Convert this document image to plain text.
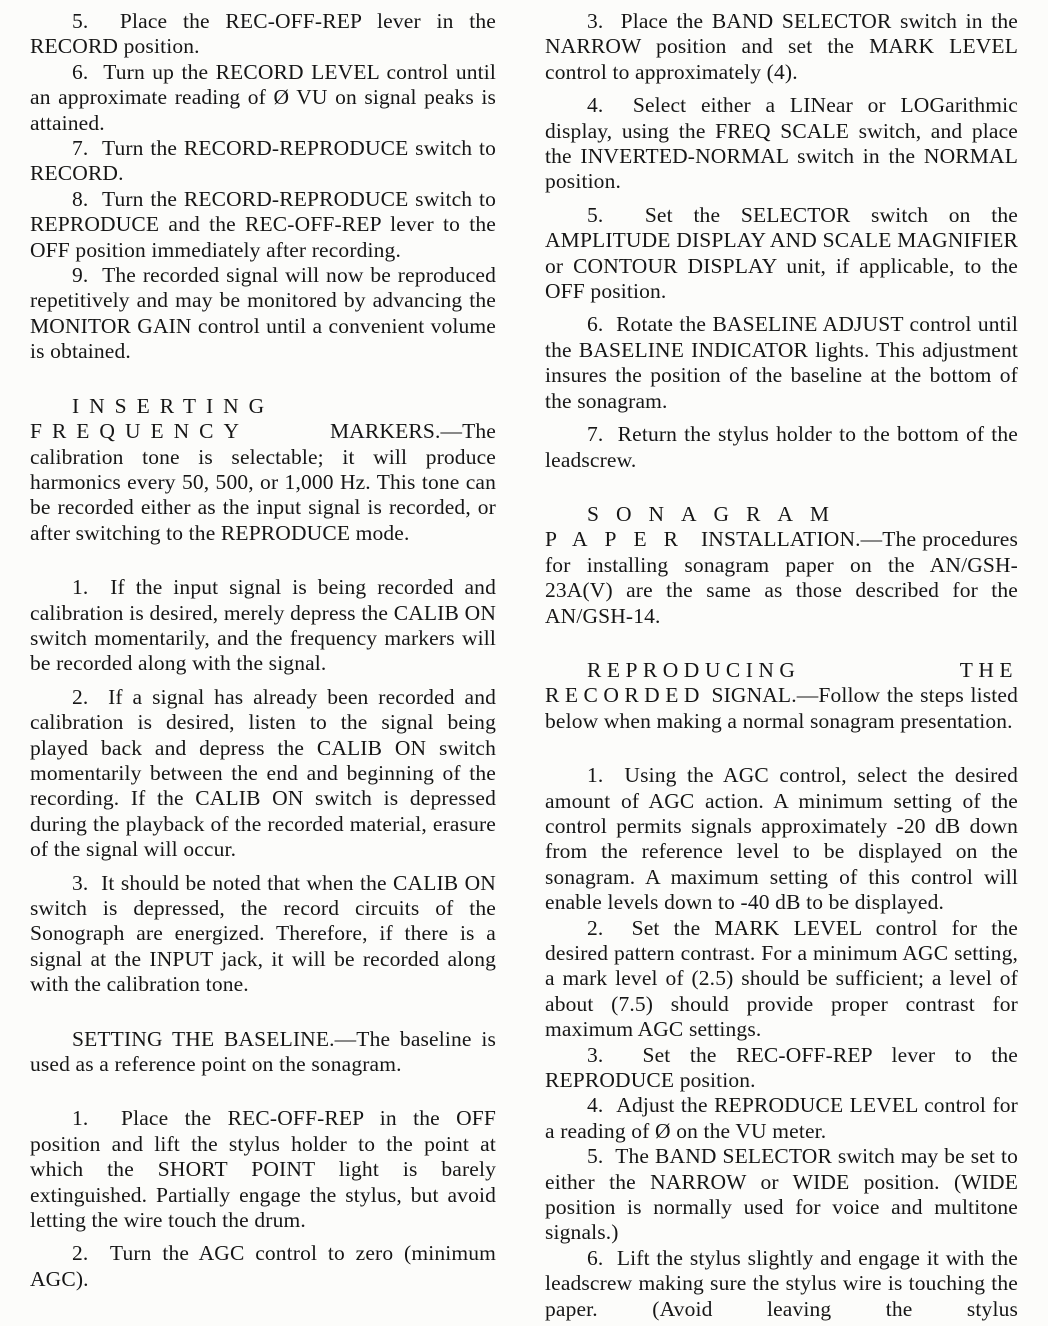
5.  Place the REC-OFF-REP lever in the RECORD position.

6.  Turn up the RECORD LEVEL control until an approximate reading of Ø VU on signal peaks is attained.

7.  Turn the RECORD-REPRODUCE switch to RECORD.

8.  Turn the RECORD-REPRODUCE switch to REPRODUCE and the REC-OFF-REP lever to the OFF position immediately after recording.

9.  The recorded signal will now be reproduced repetitively and may be monitored by advancing the MONITOR GAIN control until a convenient volume is obtained.

INSERTING FREQUENCY	MARKERS.—The calibration tone is selectable; it will produce harmonics every 50, 500, or 1,000 Hz. This tone can be recorded either as the input signal is recorded, or after switching to the REPRODUCE mode.

1.  If the input signal is being recorded and calibration is desired, merely depress the CALIB ON switch momentarily, and the frequency markers will be recorded along with the signal.

2.  If a signal has already been recorded and calibration is desired, listen to the signal being played back and depress the CALIB ON switch momentarily between the end and beginning of the recording. If the CALIB ON switch is depressed during the playback of the recorded material, erasure of the signal will occur.

3.  It should be noted that when the CALIB ON switch is depressed, the record circuits of the Sonograph are energized. Therefore, if there is a signal at the INPUT jack, it will be recorded along with the calibration tone.

SETTING THE BASELINE.—The baseline is used as a reference point on the sonagram.

1.  Place the REC-OFF-REP in the OFF position and lift the stylus holder to the point at which the SHORT POINT light is barely extinguished. Partially engage the stylus, but avoid letting the wire touch the drum.

2.  Turn the AGC control to zero (minimum AGC).

3.  Place the BAND SELECTOR switch in the NARROW position and set the MARK LEVEL control to approximately (4).

4.  Select either a LINear or LOGarithmic display, using the FREQ SCALE switch, and place the INVERTED-NORMAL switch in the NORMAL position.

5.  Set the SELECTOR switch on the AMPLITUDE DISPLAY AND SCALE MAGNIFIER or CONTOUR DISPLAY unit, if applicable, to the OFF position.

6.  Rotate the BASELINE ADJUST control until the BASELINE INDICATOR lights. This adjustment insures the position of the baseline at the bottom of the sonagram.

7.  Return the stylus holder to the bottom of the leadscrew.

SONAGRAM PAPER INSTALLATION.—The procedures for installing sonagram paper on the AN/GSH-23A(V) are the same as those described for the AN/GSH-14.

REPRODUCING THE RECORDED SIGNAL.—Follow the steps listed below when making a normal sonagram presentation.

1.  Using the AGC control, select the desired amount of AGC action. A minimum setting of the control permits signals approximately -20 dB down from the reference level to be displayed on the sonagram. A maximum setting of this control will enable levels down to -40 dB to be displayed.

2.  Set the MARK LEVEL control for the desired pattern contrast. For a minimum AGC setting, a mark level of (2.5) should be sufficient; a level of about (7.5) should provide proper contrast for maximum AGC settings.

3.  Set the REC-OFF-REP lever to the REPRODUCE position.

4.  Adjust the REPRODUCE LEVEL control for a reading of Ø on the VU meter.

5.  The BAND SELECTOR switch may be set to either the NARROW or WIDE position. (WIDE position is normally used for voice and multitone signals.)

6.  Lift the stylus slightly and engage it with the leadscrew making sure the stylus wire is touching the paper. (Avoid leaving the stylus
